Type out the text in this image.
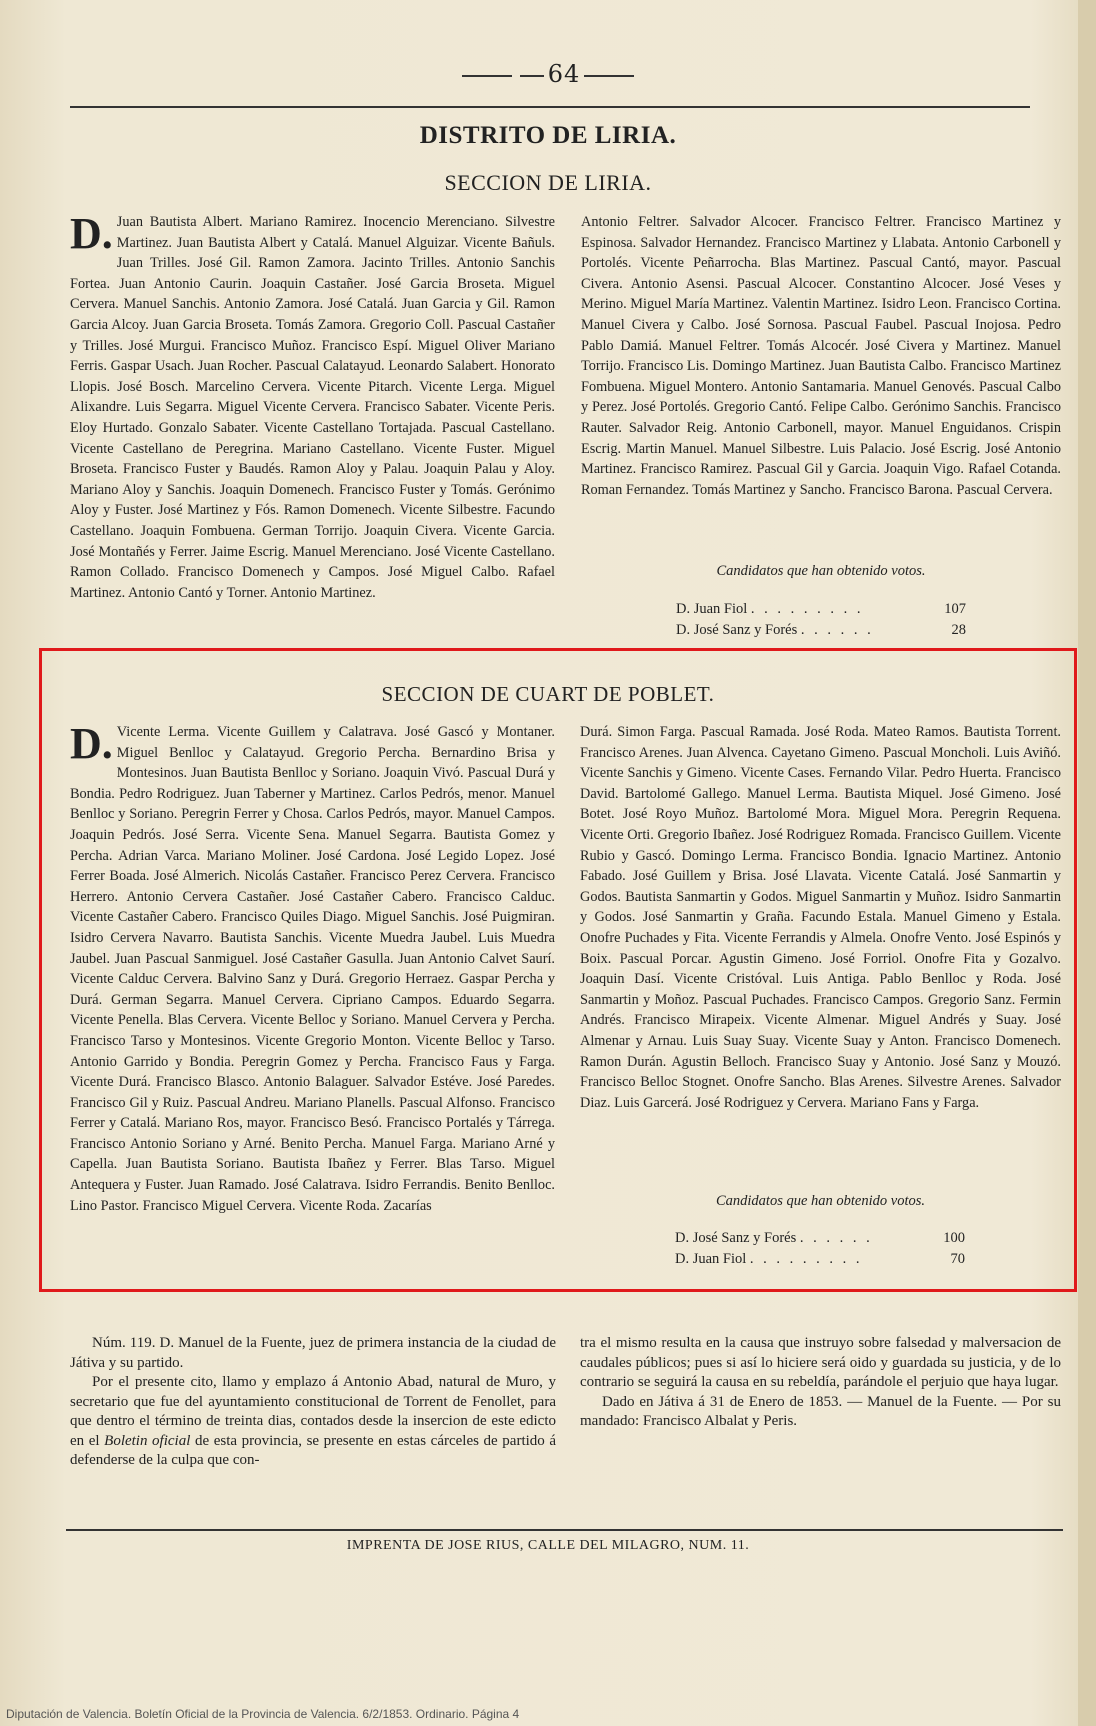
64
DISTRITO DE LIRIA.
SECCION DE LIRIA.
D. Juan Bautista Albert. Mariano Ramirez. Inocencio Merenciano. Silvestre Martinez. Juan Bautista Albert y Catalá. Manuel Alguizar. Vicente Bañuls. Juan Trilles. José Gil. Ramon Zamora. Jacinto Trilles. Antonio Sanchis Fortea. Juan Antonio Caurin. Joaquin Castañer. José Garcia Broseta. Miguel Cervera. Manuel Sanchis. Antonio Zamora. José Catalá. Juan Garcia y Gil. Ramon Garcia Alcoy. Juan Garcia Broseta. Tomás Zamora. Gregorio Coll. Pascual Castañer y Trilles. José Murgui. Francisco Muñoz. Francisco Espí. Miguel Oliver Mariano Ferris. Gaspar Usach. Juan Rocher. Pascual Calatayud. Leonardo Salabert. Honorato Llopis. José Bosch. Marcelino Cervera. Vicente Pitarch. Vicente Lerga. Miguel Alixandre. Luis Segarra. Miguel Vicente Cervera. Francisco Sabater. Vicente Peris. Eloy Hurtado. Gonzalo Sabater. Vicente Castellano Tortajada. Pascual Castellano. Vicente Castellano de Peregrina. Mariano Castellano. Vicente Fuster. Miguel Broseta. Francisco Fuster y Baudés. Ramon Aloy y Palau. Joaquin Palau y Aloy. Mariano Aloy y Sanchis. Joaquin Domenech. Francisco Fuster y Tomás. Gerónimo Aloy y Fuster. José Martinez y Fós. Ramon Domenech. Vicente Silbestre. Facundo Castellano. Joaquin Fombuena. German Torrijo. Joaquin Civera. Vicente Garcia. José Montañés y Ferrer. Jaime Escrig. Manuel Merenciano. José Vicente Castellano. Ramon Collado. Francisco Domenech y Campos. José Miguel Calbo. Rafael Martinez. Antonio Cantó y Torner. Antonio Martinez.
Antonio Feltrer. Salvador Alcocer. Francisco Feltrer. Francisco Martinez y Espinosa. Salvador Hernandez. Francisco Martinez y Llabata. Antonio Carbonell y Portolés. Vicente Peñarrocha. Blas Martinez. Pascual Cantó, mayor. Pascual Civera. Antonio Asensi. Pascual Alcocer. Constantino Alcocer. José Veses y Merino. Miguel María Martinez. Valentin Martinez. Isidro Leon. Francisco Cortina. Manuel Civera y Calbo. José Sornosa. Pascual Faubel. Pascual Inojosa. Pedro Pablo Damiá. Manuel Feltrer. Tomás Alcocér. José Civera y Martinez. Manuel Torrijo. Francisco Lis. Domingo Martinez. Juan Bautista Calbo. Francisco Martinez Fombuena. Miguel Montero. Antonio Santamaria. Manuel Genovés. Pascual Calbo y Perez. José Portolés. Gregorio Cantó. Felipe Calbo. Gerónimo Sanchis. Francisco Rauter. Salvador Reig. Antonio Carbonell, mayor. Manuel Enguidanos. Crispin Escrig. Martin Manuel. Manuel Silbestre. Luis Palacio. José Escrig. José Antonio Martinez. Francisco Ramirez. Pascual Gil y Garcia. Joaquin Vigo. Rafael Cotanda. Roman Fernandez. Tomás Martinez y Sancho. Francisco Barona. Pascual Cervera.
Candidatos que han obtenido votos.
D. Juan Fiol . . . . . . . . .	107
D. José Sanz y Forés . . . . . .	28
SECCION DE CUART DE POBLET.
D. Vicente Lerma. Vicente Guillem y Calatrava. José Gascó y Montaner. Miguel Benlloc y Calatayud. Gregorio Percha. Bernardino Brisa y Montesinos. Juan Bautista Benlloc y Soriano. Joaquin Vivó. Pascual Durá y Bondia. Pedro Rodriguez. Juan Taberner y Martinez. Carlos Pedrós, menor. Manuel Benlloc y Soriano. Peregrin Ferrer y Chosa. Carlos Pedrós, mayor. Manuel Campos. Joaquin Pedrós. José Serra. Vicente Sena. Manuel Segarra. Bautista Gomez y Percha. Adrian Varca. Mariano Moliner. José Cardona. José Legido Lopez. José Ferrer Boada. José Almerich. Nicolás Castañer. Francisco Perez Cervera. Francisco Herrero. Antonio Cervera Castañer. José Castañer Cabero. Francisco Calduc. Vicente Castañer Cabero. Francisco Quiles Diago. Miguel Sanchis. José Puigmiran. Isidro Cervera Navarro. Bautista Sanchis. Vicente Muedra Jaubel. Luis Muedra Jaubel. Juan Pascual Sanmiguel. José Castañer Gasulla. Juan Antonio Calvet Saurí. Vicente Calduc Cervera. Balvino Sanz y Durá. Gregorio Herraez. Gaspar Percha y Durá. German Segarra. Manuel Cervera. Cipriano Campos. Eduardo Segarra. Vicente Penella. Blas Cervera. Vicente Belloc y Soriano. Manuel Cervera y Percha. Francisco Tarso y Montesinos. Vicente Gregorio Monton. Vicente Belloc y Tarso. Antonio Garrido y Bondia. Peregrin Gomez y Percha. Francisco Faus y Farga. Vicente Durá. Francisco Blasco. Antonio Balaguer. Salvador Estéve. José Paredes. Francisco Gil y Ruiz. Pascual Andreu. Mariano Planells. Pascual Alfonso. Francisco Ferrer y Catalá. Mariano Ros, mayor. Francisco Besó. Francisco Portalés y Tárrega. Francisco Antonio Soriano y Arné. Benito Percha. Manuel Farga. Mariano Arné y Capella. Juan Bautista Soriano. Bautista Ibañez y Ferrer. Blas Tarso. Miguel Antequera y Fuster. Juan Ramado. José Calatrava. Isidro Ferrandis. Benito Benlloc. Lino Pastor. Francisco Miguel Cervera. Vicente Roda. Zacarías
Durá. Simon Farga. Pascual Ramada. José Roda. Mateo Ramos. Bautista Torrent. Francisco Arenes. Juan Alvenca. Cayetano Gimeno. Pascual Moncholi. Luis Aviñó. Vicente Sanchis y Gimeno. Vicente Cases. Fernando Vilar. Pedro Huerta. Francisco David. Bartolomé Gallego. Manuel Lerma. Bautista Miquel. José Gimeno. José Botet. José Royo Muñoz. Bartolomé Mora. Miguel Mora. Peregrin Requena. Vicente Orti. Gregorio Ibañez. José Rodriguez Romada. Francisco Guillem. Vicente Rubio y Gascó. Domingo Lerma. Francisco Bondia. Ignacio Martinez. Antonio Fabado. José Guillem y Brisa. José Llavata. Vicente Catalá. José Sanmartin y Godos. Bautista Sanmartin y Godos. Miguel Sanmartin y Muñoz. Isidro Sanmartin y Godos. José Sanmartin y Graña. Facundo Estala. Manuel Gimeno y Estala. Onofre Puchades y Fita. Vicente Ferrandis y Almela. Onofre Vento. José Espinós y Boix. Pascual Porcar. Agustin Gimeno. José Forriol. Onofre Fita y Gozalvo. Joaquin Dasí. Vicente Cristóval. Luis Antiga. Pablo Benlloc y Roda. José Sanmartin y Moñoz. Pascual Puchades. Francisco Campos. Gregorio Sanz. Fermin Andrés. Francisco Mirapeix. Vicente Almenar. Miguel Andrés y Suay. José Almenar y Arnau. Luis Suay Suay. Vicente Suay y Anton. Francisco Domenech. Ramon Durán. Agustin Belloch. Francisco Suay y Antonio. José Sanz y Mouzó. Francisco Belloc Stognet. Onofre Sancho. Blas Arenes. Silvestre Arenes. Salvador Diaz. Luis Garcerá. José Rodriguez y Cervera. Mariano Fans y Farga.
Candidatos que han obtenido votos.
D. José Sanz y Forés . . . . . .	100
D. Juan Fiol . . . . . . . . .	70

Núm. 119. D. Manuel de la Fuente, juez de primera instancia de la ciudad de Játiva y su partido.

Por el presente cito, llamo y emplazo á Antonio Abad, natural de Muro, y secretario que fue del ayuntamiento constitucional de Torrent de Fenollet, para que dentro el término de treinta dias, contados desde la insercion de este edicto en el Boletin oficial de esta provincia, se presente en estas cárceles de partido á defenderse de la culpa que con-

tra el mismo resulta en la causa que instruyo sobre falsedad y malversacion de caudales públicos; pues si así lo hiciere será oido y guardada su justicia, y de lo contrario se seguirá la causa en su rebeldía, parándole el perjuio que haya lugar.

Dado en Játiva á 31 de Enero de 1853. — Manuel de la Fuente. — Por su mandado: Francisco Albalat y Peris.

IMPRENTA DE JOSE RIUS, CALLE DEL MILAGRO, NUM. 11.
Diputación de Valencia. Boletín Oficial de la Provincia de Valencia. 6/2/1853. Ordinario. Página 4
